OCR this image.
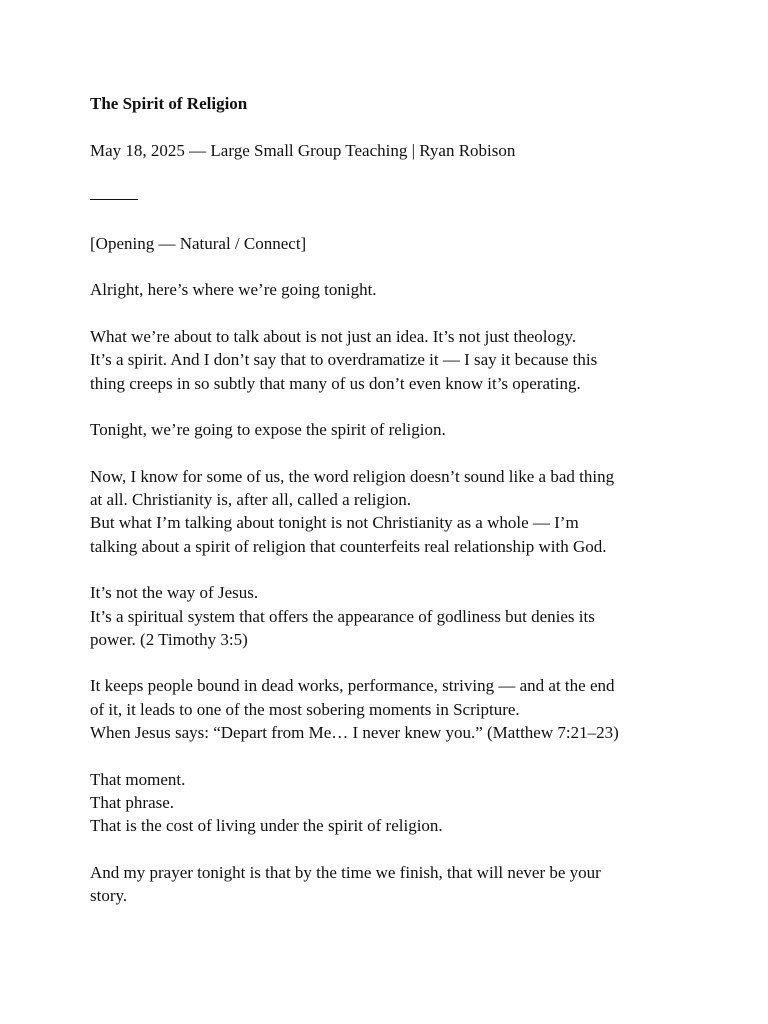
The Spirit of Religion
May 18, 2025 — Large Small Group Teaching | Ryan Robison
[Opening — Natural / Connect]
Alright, here’s where we’re going tonight.
What we’re about to talk about is not just an idea. It’s not just theology.
It’s a spirit. And I don’t say that to overdramatize it — I say it because this
thing creeps in so subtly that many of us don’t even know it’s operating.
Tonight, we’re going to expose the spirit of religion.
Now, I know for some of us, the word religion doesn’t sound like a bad thing
at all. Christianity is, after all, called a religion.
But what I’m talking about tonight is not Christianity as a whole — I’m
talking about a spirit of religion that counterfeits real relationship with God.
It’s not the way of Jesus.
It’s a spiritual system that offers the appearance of godliness but denies its
power. (2 Timothy 3:5)
It keeps people bound in dead works, performance, striving — and at the end
of it, it leads to one of the most sobering moments in Scripture.
When Jesus says: “Depart from Me… I never knew you.” (Matthew 7:21–23)
That moment.
That phrase.
That is the cost of living under the spirit of religion.
And my prayer tonight is that by the time we finish, that will never be your
story.
